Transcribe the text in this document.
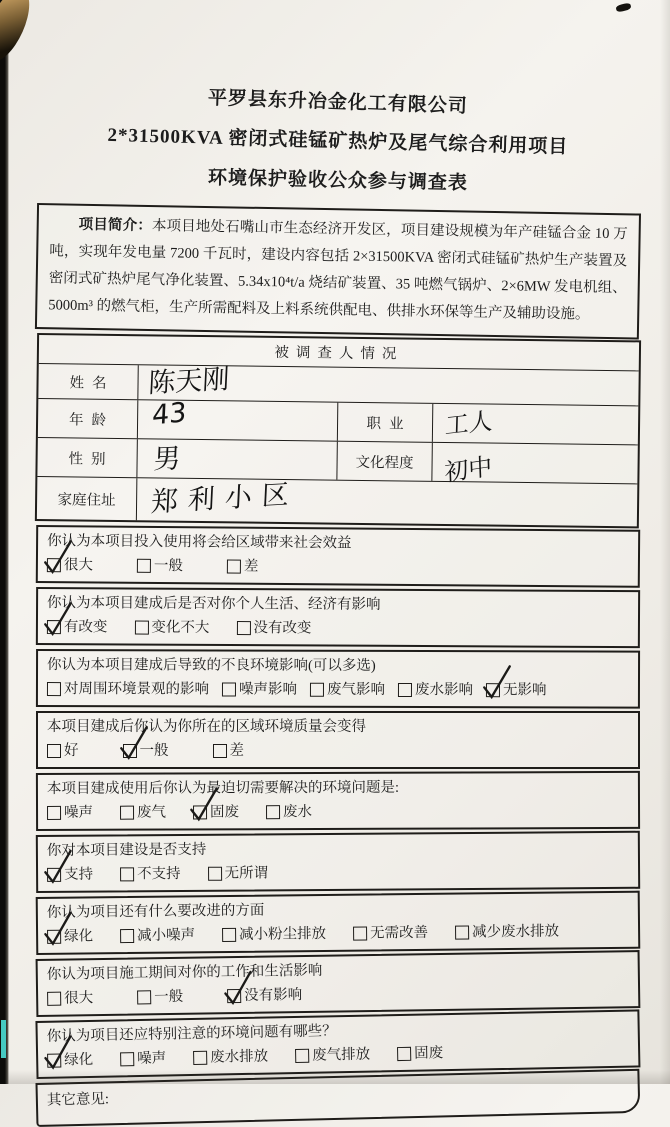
平罗县东升冶金化工有限公司
2*31500KVA 密闭式硅锰矿热炉及尾气综合利用项目
环境保护验收公众参与调查表

项目简介：本项目地处石嘴山市生态经济开发区，项目建设规模为年产硅锰合金 10 万吨，实现年发电量 7200 千瓦时，建设内容包括 2×31500KVA 密闭式硅锰矿热炉生产装置及密闭式矿热炉尾气净化装置、5.34x10⁴t/a 烧结矿装置、35 吨燃气锅炉、2×6MW 发电机组、5000m³ 的燃气柜，生产所需配料及上料系统供配电、供排水环保等生产及辅助设施。

被调查人情况
姓名	陈天刚
年龄	43	职业	工人
性别	男	文化程度	初中
家庭住址	郑利小区
你认为本项目投入使用将会给区域带来社会效益
很大	一般	差
你认为本项目建成后是否对你个人生活、经济有影响
有改变	变化不大	没有改变
你认为本项目建成后导致的不良环境影响(可以多选)
对周围环境景观的影响 噪声影响 废气影响 废水影响 无影响
本项目建成后你认为你所在的区域环境质量会变得
好	一般	差
本项目建成使用后你认为最迫切需要解决的环境问题是:
噪声	废气	固废	废水
你对本项目建设是否支持
支持	不支持	无所谓
你认为项目还有什么要改进的方面
绿化	减小噪声	减小粉尘排放	无需改善	减少废水排放
你认为项目施工期间对你的工作和生活影响
很大	一般	没有影响
你认为项目还应特别注意的环境问题有哪些？
绿化	噪声	废水排放	废气排放	固废
其它意见:
